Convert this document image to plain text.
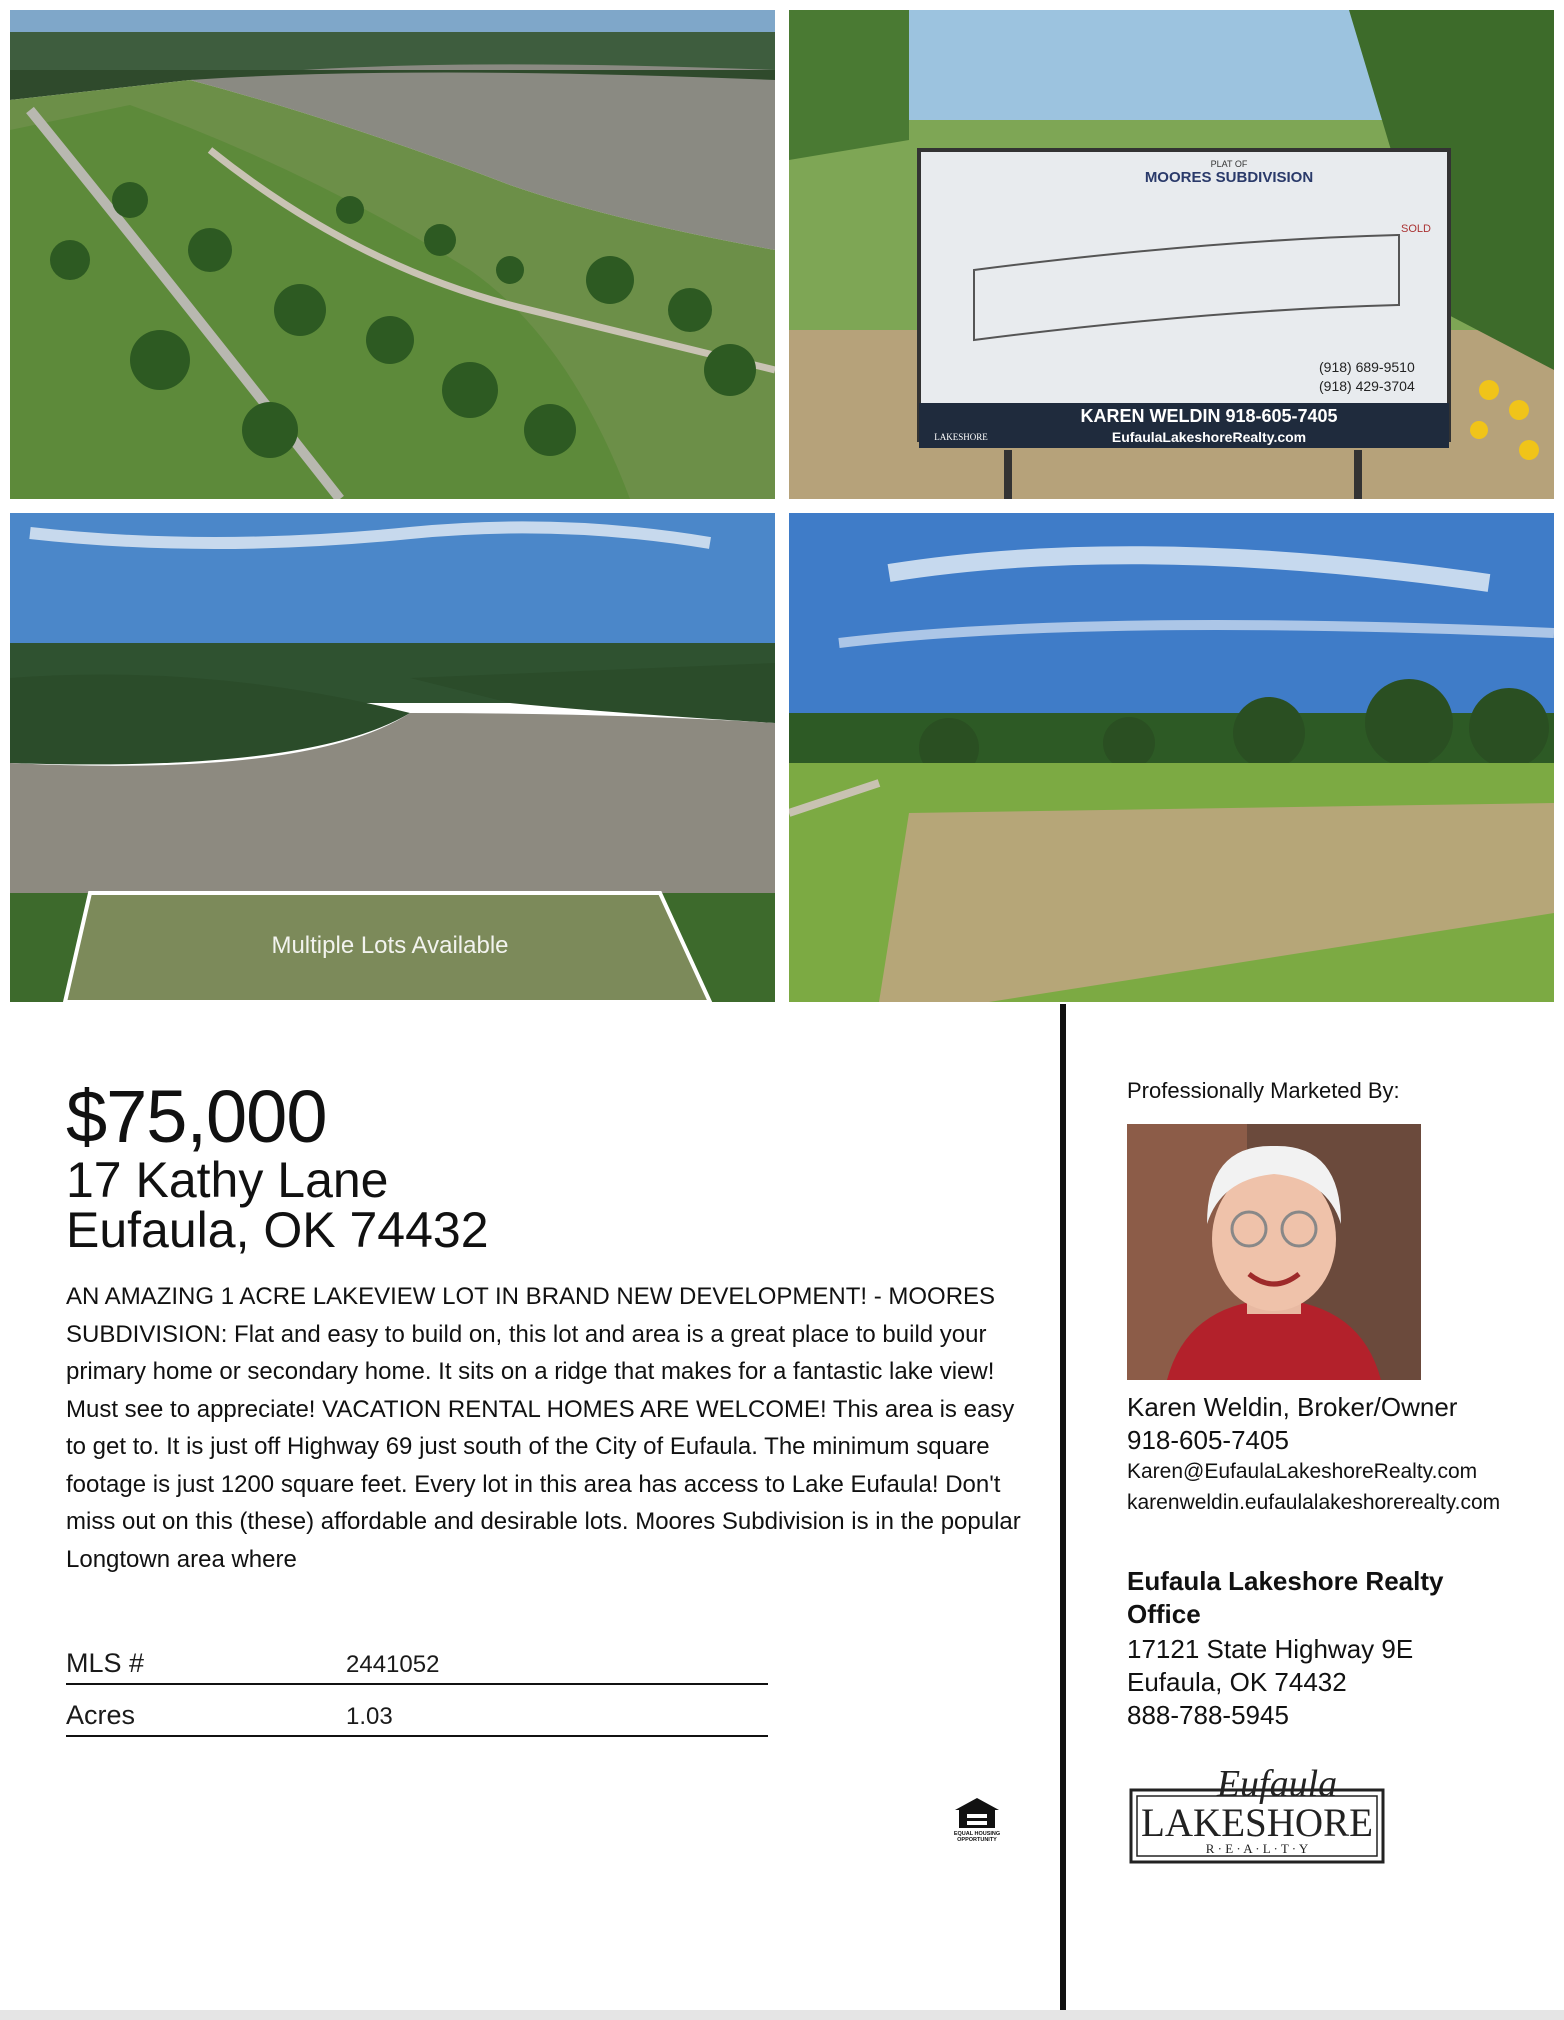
PLAT OF
MOORES SUBDIVISION
SOLD
(918) 689-9510
(918) 429-3704
KAREN WELDIN 918-605-7405
EufaulaLakeshoreRealty.com
LAKESHORE
Multiple Lots Available
$75,000
17 Kathy Lane
Eufaula, OK 74432
AN AMAZING 1 ACRE LAKEVIEW LOT IN BRAND NEW DEVELOPMENT! - MOORES SUBDIVISION: Flat and easy to build on, this lot and area is a great place to build your primary home or secondary home. It sits on a ridge that makes for a fantastic lake view! Must see to appreciate! VACATION RENTAL HOMES ARE WELCOME! This area is easy to get to. It is just off Highway 69 just south of the City of Eufaula. The minimum square footage is just 1200 square feet. Every lot in this area has access to Lake Eufaula! Don't miss out on this (these) affordable and desirable lots. Moores Subdivision is in the popular Longtown area where
MLS #	2441052
Acres	1.03
EQUAL HOUSING
OPPORTUNITY
Professionally Marketed By:
Karen Weldin, Broker/Owner
918-605-7405
Karen@EufaulaLakeshoreRealty.com
karenweldin.eufaulalakeshorerealty.com
Eufaula Lakeshore Realty Office
17121 State Highway 9E
Eufaula, OK 74432
888-788-5945
Eufaula
LAKESHORE
R · E · A · L · T · Y
